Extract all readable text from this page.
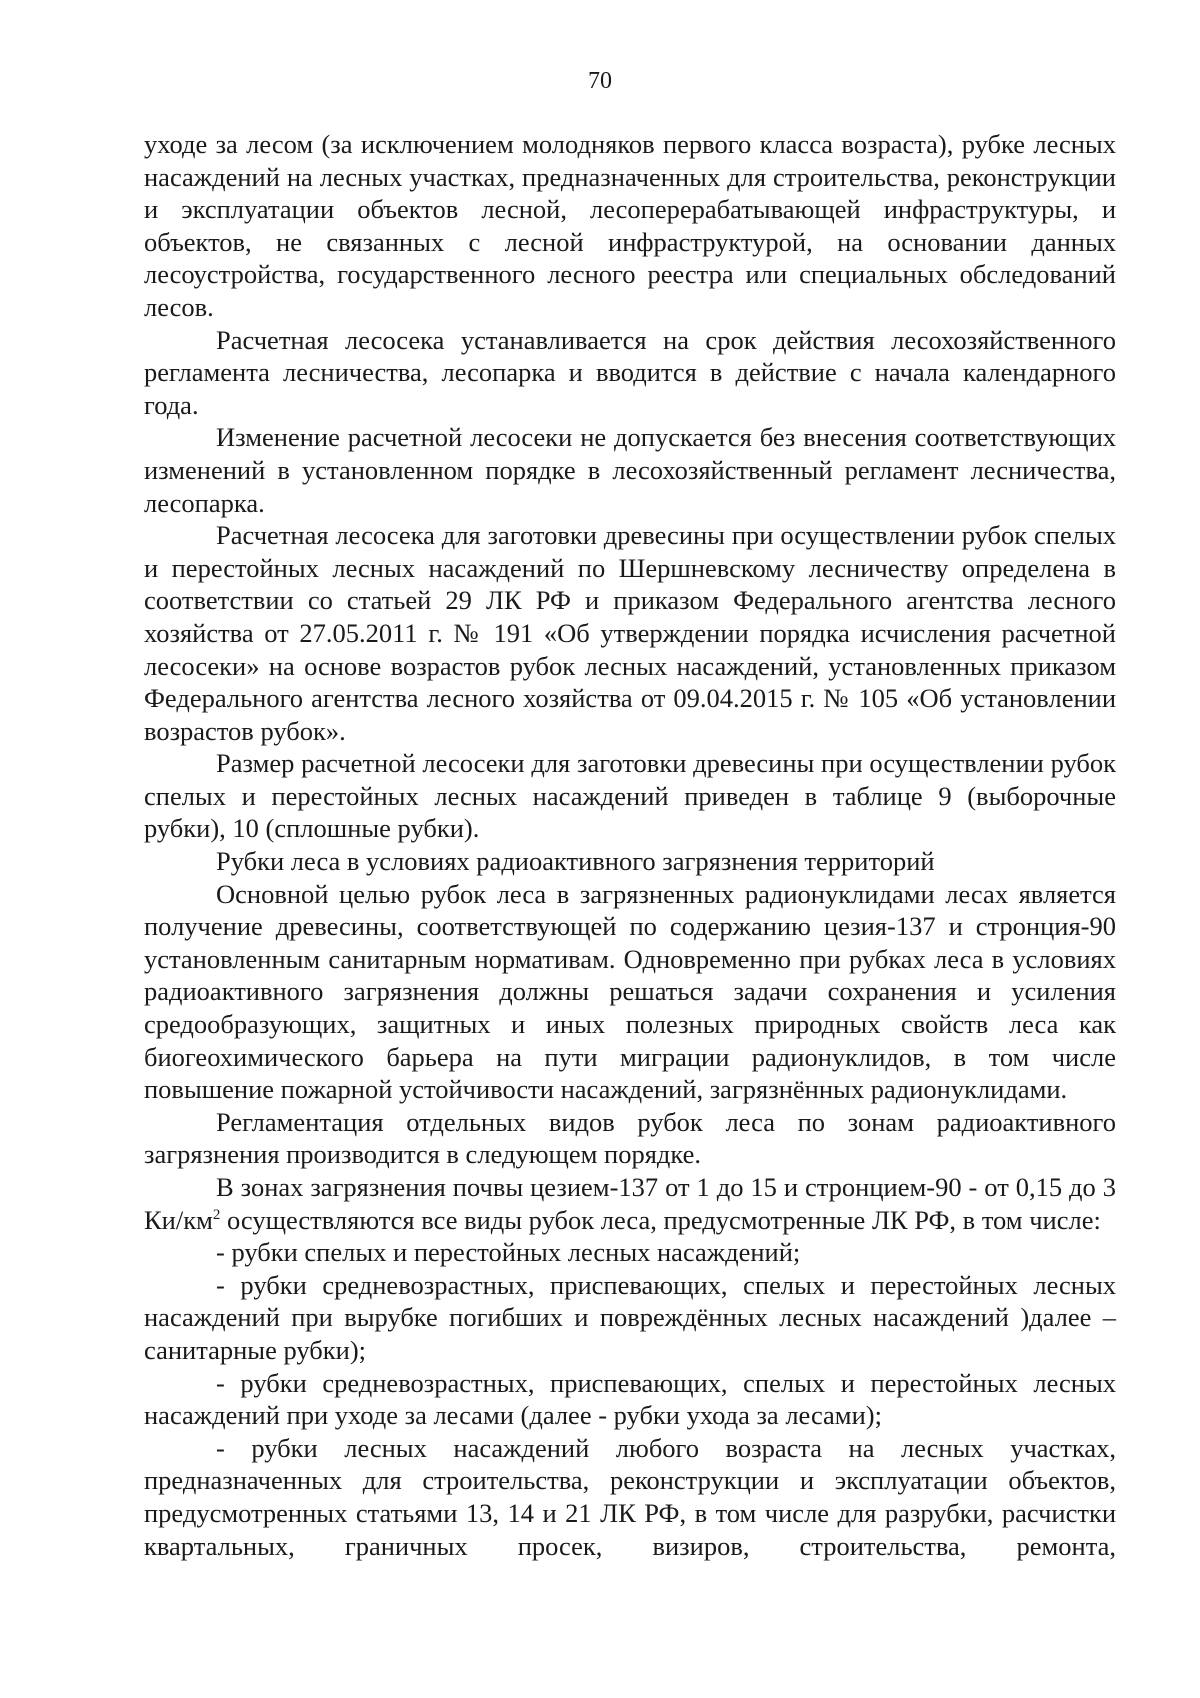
70

уходе за лесом (за исключением молодняков первого класса возраста), рубке лесных насаждений на лесных участках, предназначенных для строительства, реконструкции и эксплуатации объектов лесной, лесоперерабатывающей инфраструктуры, и объектов, не связанных с лесной инфраструктурой, на основании данных лесоустройства, государственного лесного реестра или специальных обследований лесов.

Расчетная лесосека устанавливается на срок действия лесохозяйственного регламента лесничества, лесопарка и вводится в действие с начала календарного года.

Изменение расчетной лесосеки не допускается без внесения соответствующих изменений в установленном порядке в лесохозяйственный регламент лесничества, лесопарка.

Расчетная лесосека для заготовки древесины при осуществлении рубок спелых и перестойных лесных насаждений по Шершневскому лесничеству определена в соответствии со статьей 29 ЛК РФ и приказом Федерального агентства лесного хозяйства от 27.05.2011 г. № 191 «Об утверждении порядка исчисления расчетной лесосеки» на основе возрастов рубок лесных насаждений, установленных приказом Федерального агентства лесного хозяйства от 09.04.2015 г. № 105 «Об установлении возрастов рубок».

Размер расчетной лесосеки для заготовки древесины при осуществлении рубок спелых и перестойных лесных насаждений приведен в таблице 9 (выборочные рубки), 10 (сплошные рубки).

Рубки леса в условиях радиоактивного загрязнения территорий

Основной целью рубок леса в загрязненных радионуклидами лесах является получение древесины, соответствующей по содержанию цезия-137 и стронция-90 установленным санитарным нормативам. Одновременно при рубках леса в условиях радиоактивного загрязнения должны решаться задачи сохранения и усиления средообразующих, защитных и иных полезных природных свойств леса как биогеохимического барьера на пути миграции радионуклидов, в том числе повышение пожарной устойчивости насаждений, загрязнённых радионуклидами.

Регламентация отдельных видов рубок леса по зонам радиоактивного загрязнения производится в следующем порядке.

В зонах загрязнения почвы цезием-137 от 1 до 15 и стронцием-90 - от 0,15 до 3 $Ки/км^2$ осуществляются все виды рубок леса, предусмотренные ЛК РФ, в том числе:

- рубки спелых и перестойных лесных насаждений;

- рубки средневозрастных, приспевающих, спелых и перестойных лесных насаждений при вырубке погибших и повреждённых лесных насаждений )далее – санитарные рубки);

- рубки средневозрастных, приспевающих, спелых и перестойных лесных насаждений при уходе за лесами (далее - рубки ухода за лесами);

- рубки лесных насаждений любого возраста на лесных участках, предназначенных для строительства, реконструкции и эксплуатации объектов, предусмотренных статьями 13, 14 и 21 ЛК РФ, в том числе для разрубки, расчистки квартальных, граничных просек, визиров, строительства, ремонта,
